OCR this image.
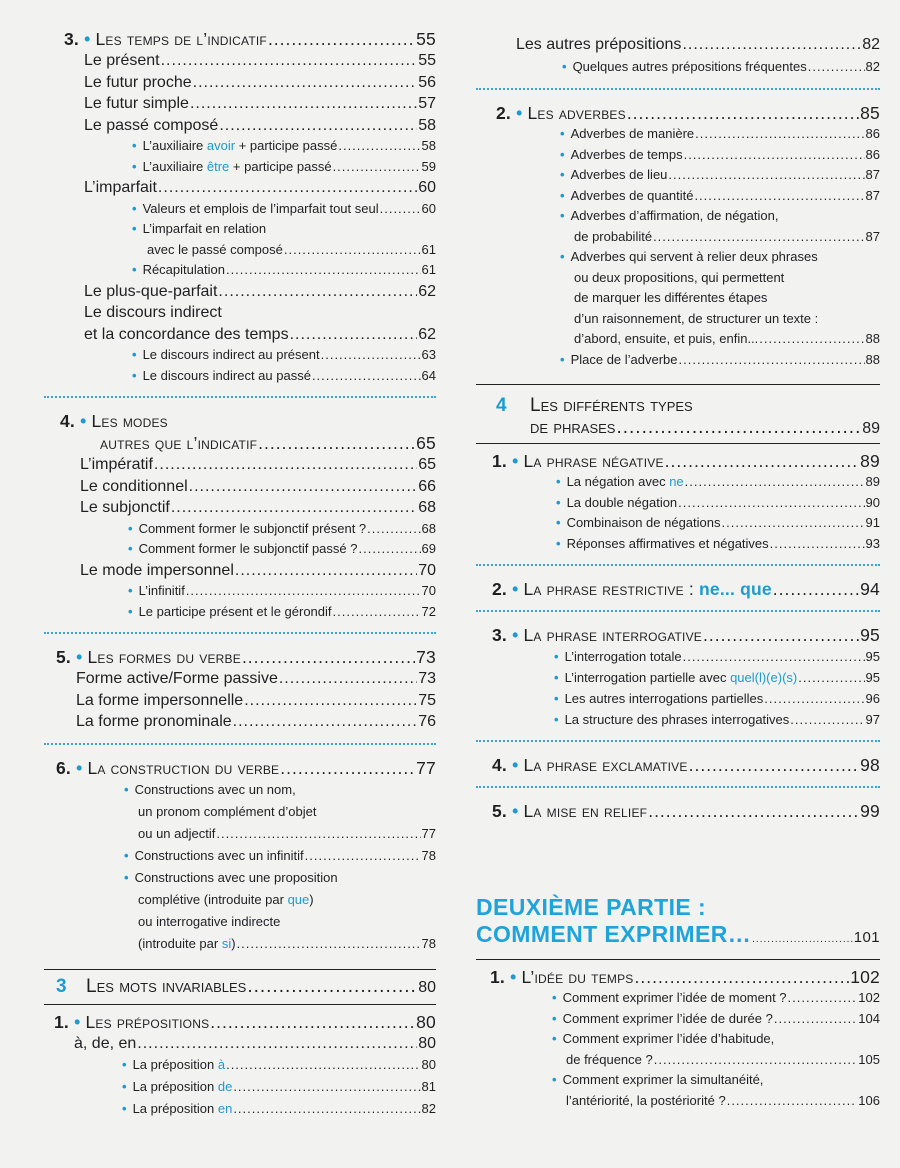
3. • Les temps de l’indicatif .....	55
Le présent .....	55
Le futur proche .....	56
Le futur simple .....	57
Le passé composé .....	58
• L’auxiliaire avoir + participe passé .....	58
• L’auxiliaire être + participe passé .....	59
L’imparfait .....	60
• Valeurs et emplois de l’imparfait tout seul .....	60
• L’imparfait en relation
avec le passé composé .....	61
• Récapitulation .....	61
Le plus-que-parfait .....	62
Le discours indirect
et la concordance des temps .....	62
• Le discours indirect au présent .....	63
• Le discours indirect au passé .....	64
4. • Les modes
autres que l’indicatif .....	65
L’impératif .....	65
Le conditionnel .....	66
Le subjonctif .....	68
• Comment former le subjonctif présent ? .....	68
• Comment former le subjonctif passé ? .....	69
Le mode impersonnel .....	70
• L’infinitif .....	70
• Le participe présent et le gérondif .....	72
5. • Les formes du verbe .....	73
Forme active/Forme passive .....	73
La forme impersonnelle .....	75
La forme pronominale .....	76
6. • La construction du verbe .....	77
• Constructions avec un nom,
un pronom complément d’objet
ou un adjectif .....	77
• Constructions avec un infinitif .....	78
• Constructions avec une proposition
complétive (introduite par que)
ou interrogative indirecte
(introduite par si) .....	78
3	Les mots invariables .....	80
1. • Les prépositions .....	80
à, de, en .....	80
• La préposition à .....	80
• La préposition de .....	81
• La préposition en .....	82
Les autres prépositions .....	82
• Quelques autres prépositions fréquentes .....	82
2. • Les adverbes .....	85
• Adverbes de manière .....	86
• Adverbes de temps .....	86
• Adverbes de lieu .....	87
• Adverbes de quantité .....	87
• Adverbes d’affirmation, de négation,
de probabilité .....	87
• Adverbes qui servent à relier deux phrases
ou deux propositions, qui permettent
de marquer les différentes étapes
d’un raisonnement, de structurer un texte :
d’abord, ensuite, et puis, enfin... .....	88
• Place de l’adverbe .....	88
4	Les différents types
de phrases .....	89
1. • La phrase négative .....	89
• La négation avec ne .....	89
• La double négation .....	90
• Combinaison de négations .....	91
• Réponses affirmatives et négatives .....	93
2. • La phrase restrictive : ne... que .....	94
3. • La phrase interrogative .....	95
• L’interrogation totale .....	95
• L’interrogation partielle avec quel(l)(e)(s) .....	95
• Les autres interrogations partielles .....	96
• La structure des phrases interrogatives .....	97
4. • La phrase exclamative .....	98
5. • La mise en relief .....	99
DEUXIÈME PARTIE :
COMMENT EXPRIMER… .....	101
1. • L’idée du temps .....	102
• Comment exprimer l’idée de moment ? .....	102
• Comment exprimer l’idée de durée ? .....	104
• Comment exprimer l’idée d’habitude,
de fréquence ? .....	105
• Comment exprimer la simultanéité,
l’antériorité, la postériorité ? .....	106
